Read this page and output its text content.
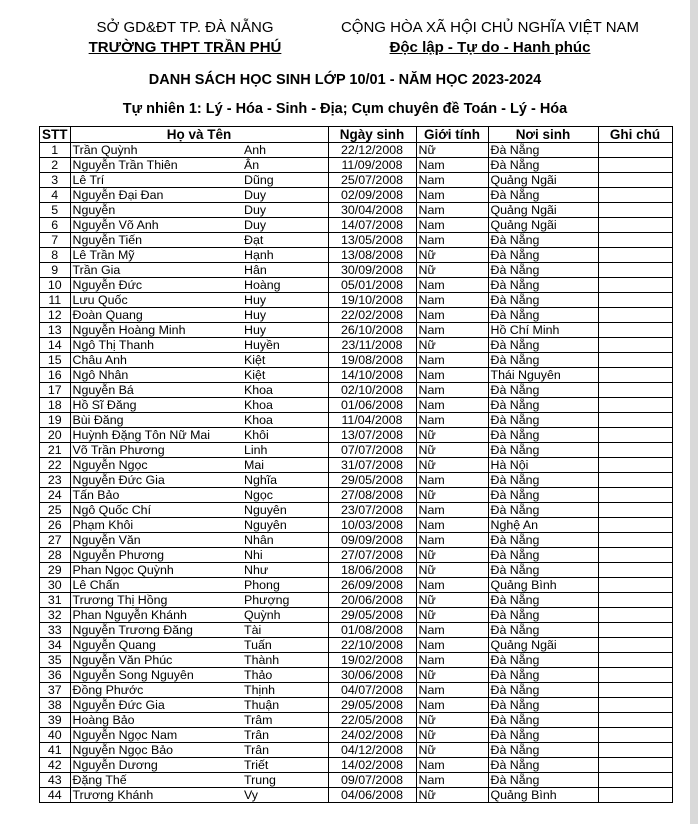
SỞ GD&ĐT TP. ĐÀ NẴNG
TRƯỜNG THPT TRẦN PHÚ
CỘNG HÒA XÃ HỘI CHỦ NGHĨA VIỆT NAM
Độc lập - Tự do - Hanh phúc
DANH SÁCH HỌC SINH LỚP 10/01 - NĂM HỌC 2023-2024
Tự nhiên 1: Lý - Hóa - Sinh - Địa; Cụm chuyên đề Toán - Lý - Hóa
STT	Họ và Tên		Ngày sinh	Giới tính	Nơi sinh	Ghi chú
1	Trần Quỳnh	Anh	22/12/2008	Nữ	Đà Nẵng	
2	Nguyễn Trần Thiên	Ân	11/09/2008	Nam	Đà Nẵng	
3	Lê Trí	Dũng	25/07/2008	Nam	Quảng Ngãi	
4	Nguyễn Đại Đan	Duy	02/09/2008	Nam	Đà Nẵng	
5	Nguyễn	Duy	30/04/2008	Nam	Quảng Ngãi	
6	Nguyễn Võ Anh	Duy	14/07/2008	Nam	Quảng Ngãi	
7	Nguyễn Tiến	Đạt	13/05/2008	Nam	Đà Nẵng	
8	Lê Trần Mỹ	Hạnh	13/08/2008	Nữ	Đà Nẵng	
9	Trần Gia	Hân	30/09/2008	Nữ	Đà Nẵng	
10	Nguyễn Đức	Hoàng	05/01/2008	Nam	Đà Nẵng	
11	Lưu Quốc	Huy	19/10/2008	Nam	Đà Nẵng	
12	Đoàn Quang	Huy	22/02/2008	Nam	Đà Nẵng	
13	Nguyễn Hoàng Minh	Huy	26/10/2008	Nam	Hồ Chí Minh	
14	Ngô Thị Thanh	Huyền	23/11/2008	Nữ	Đà Nẵng	
15	Châu Anh	Kiệt	19/08/2008	Nam	Đà Nẵng	
16	Ngô Nhân	Kiệt	14/10/2008	Nam	Thái Nguyên	
17	Nguyễn Bá	Khoa	02/10/2008	Nam	Đà Nẵng	
18	Hồ Sĩ Đăng	Khoa	01/06/2008	Nam	Đà Nẵng	
19	Bùi Đăng	Khoa	11/04/2008	Nam	Đà Nẵng	
20	Huỳnh Đặng Tôn Nữ Mai	Khôi	13/07/2008	Nữ	Đà Nẵng	
21	Võ Trần Phương	Linh	07/07/2008	Nữ	Đà Nẵng	
22	Nguyễn Ngọc	Mai	31/07/2008	Nữ	Hà Nội	
23	Nguyễn Đức Gia	Nghĩa	29/05/2008	Nam	Đà Nẵng	
24	Tấn Bảo	Ngọc	27/08/2008	Nữ	Đà Nẵng	
25	Ngô Quốc Chí	Nguyên	23/07/2008	Nam	Đà Nẵng	
26	Phạm Khôi	Nguyên	10/03/2008	Nam	Nghệ An	
27	Nguyễn Văn	Nhân	09/09/2008	Nam	Đà Nẵng	
28	Nguyễn Phương	Nhi	27/07/2008	Nữ	Đà Nẵng	
29	Phan Ngọc Quỳnh	Như	18/06/2008	Nữ	Đà Nẵng	
30	Lê Chấn	Phong	26/09/2008	Nam	Quảng Bình	
31	Trương Thị Hồng	Phượng	20/06/2008	Nữ	Đà Nẵng	
32	Phan Nguyễn Khánh	Quỳnh	29/05/2008	Nữ	Đà Nẵng	
33	Nguyễn Trương Đăng	Tài	01/08/2008	Nam	Đà Nẵng	
34	Nguyễn Quang	Tuấn	22/10/2008	Nam	Quảng Ngãi	
35	Nguyễn Văn Phúc	Thành	19/02/2008	Nam	Đà Nẵng	
36	Nguyễn Song Nguyên	Thảo	30/06/2008	Nữ	Đà Nẵng	
37	Đồng Phước	Thịnh	04/07/2008	Nam	Đà Nẵng	
38	Nguyễn Đức Gia	Thuận	29/05/2008	Nam	Đà Nẵng	
39	Hoàng Bảo	Trâm	22/05/2008	Nữ	Đà Nẵng	
40	Nguyễn Ngọc Nam	Trân	24/02/2008	Nữ	Đà Nẵng	
41	Nguyễn Ngọc Bảo	Trân	04/12/2008	Nữ	Đà Nẵng	
42	Nguyễn Dương	Triết	14/02/2008	Nam	Đà Nẵng	
43	Đặng Thế	Trung	09/07/2008	Nam	Đà Nẵng	
44	Trương Khánh	Vy	04/06/2008	Nữ	Quảng Bình	
